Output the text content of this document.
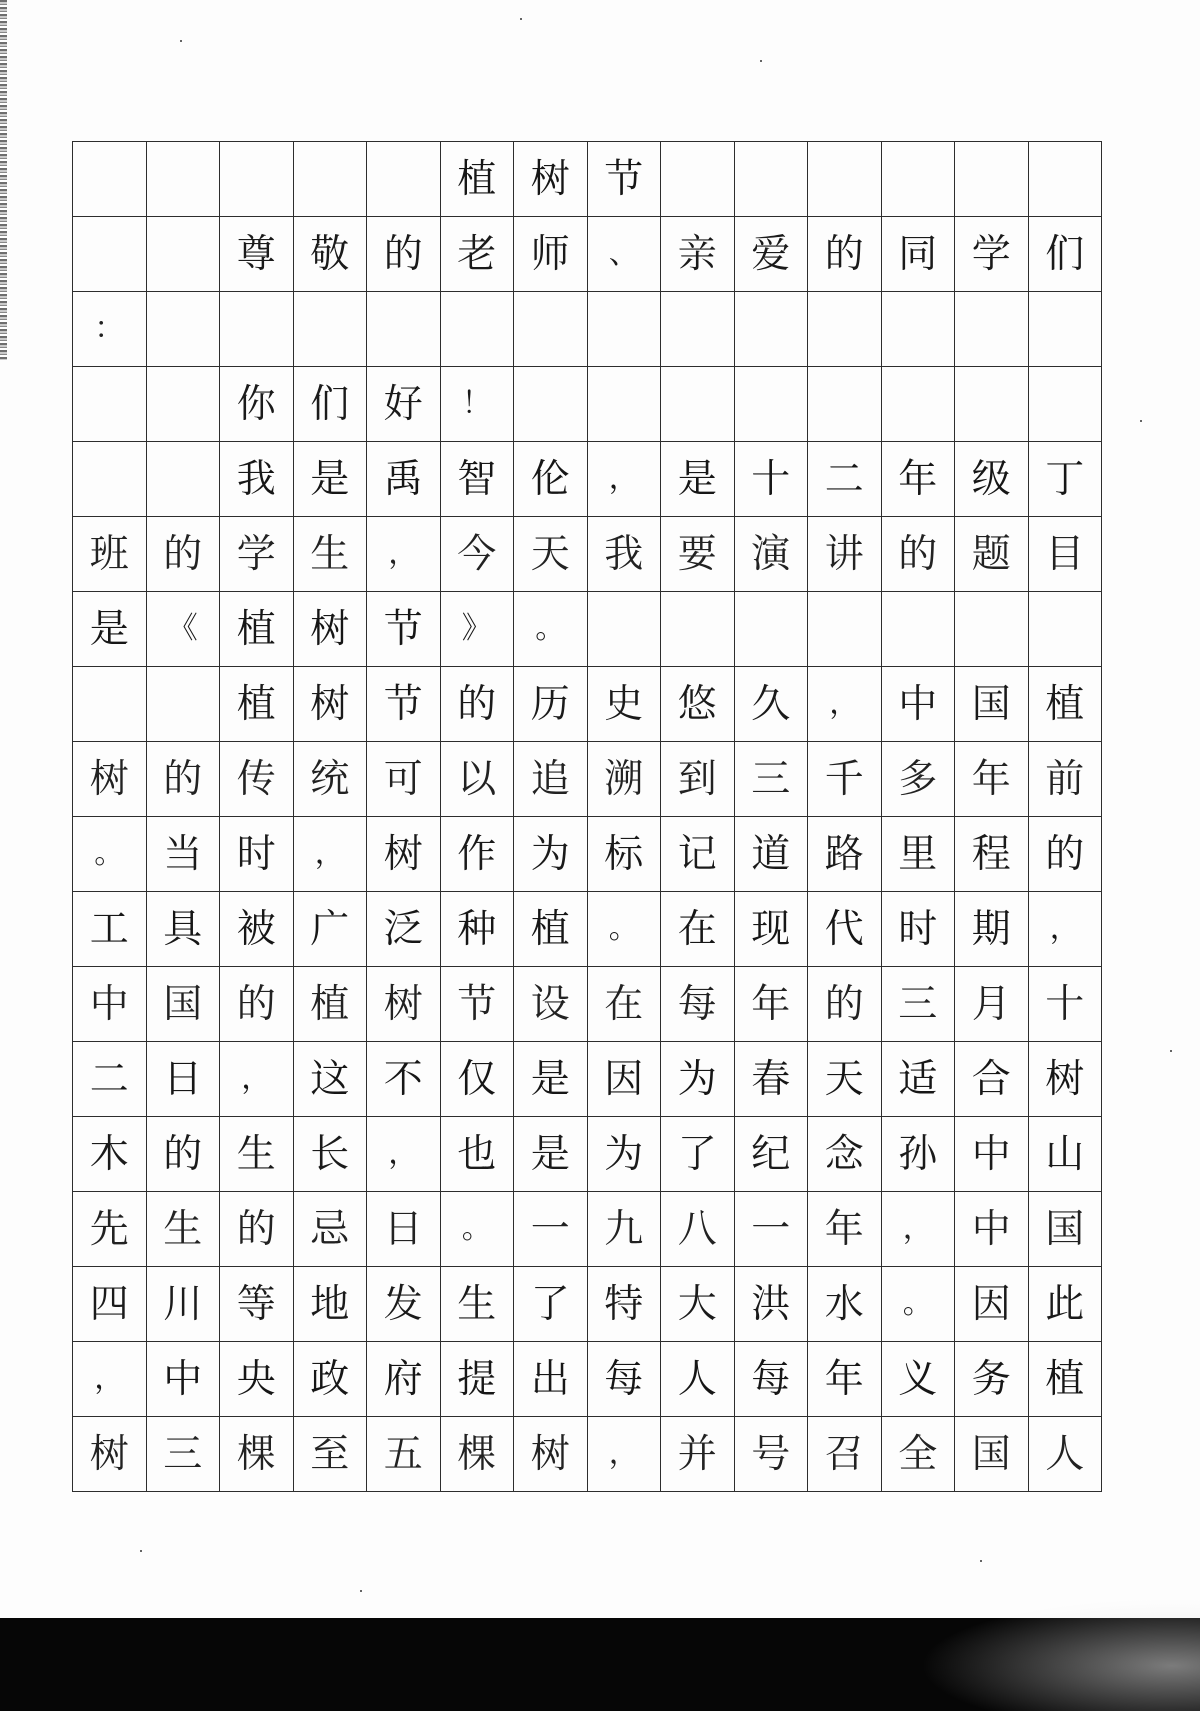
					植	树	节						
		尊	敬	的	老	师	、	亲	爱	的	同	学	们
：													
		你	们	好	！								
		我	是	禹	智	伦	，	是	十	二	年	级	丁
班	的	学	生	，	今	天	我	要	演	讲	的	题	目
是	《	植	树	节	》	。							
		植	树	节	的	历	史	悠	久	，	中	国	植
树	的	传	统	可	以	追	溯	到	三	千	多	年	前
。	当	时	，	树	作	为	标	记	道	路	里	程	的
工	具	被	广	泛	种	植	。	在	现	代	时	期	，
中	国	的	植	树	节	设	在	每	年	的	三	月	十
二	日	，	这	不	仅	是	因	为	春	天	适	合	树
木	的	生	长	，	也	是	为	了	纪	念	孙	中	山
先	生	的	忌	日	。	一	九	八	一	年	，	中	国
四	川	等	地	发	生	了	特	大	洪	水	。	因	此
，	中	央	政	府	提	出	每	人	每	年	义	务	植
树	三	棵	至	五	棵	树	，	并	号	召	全	国	人
